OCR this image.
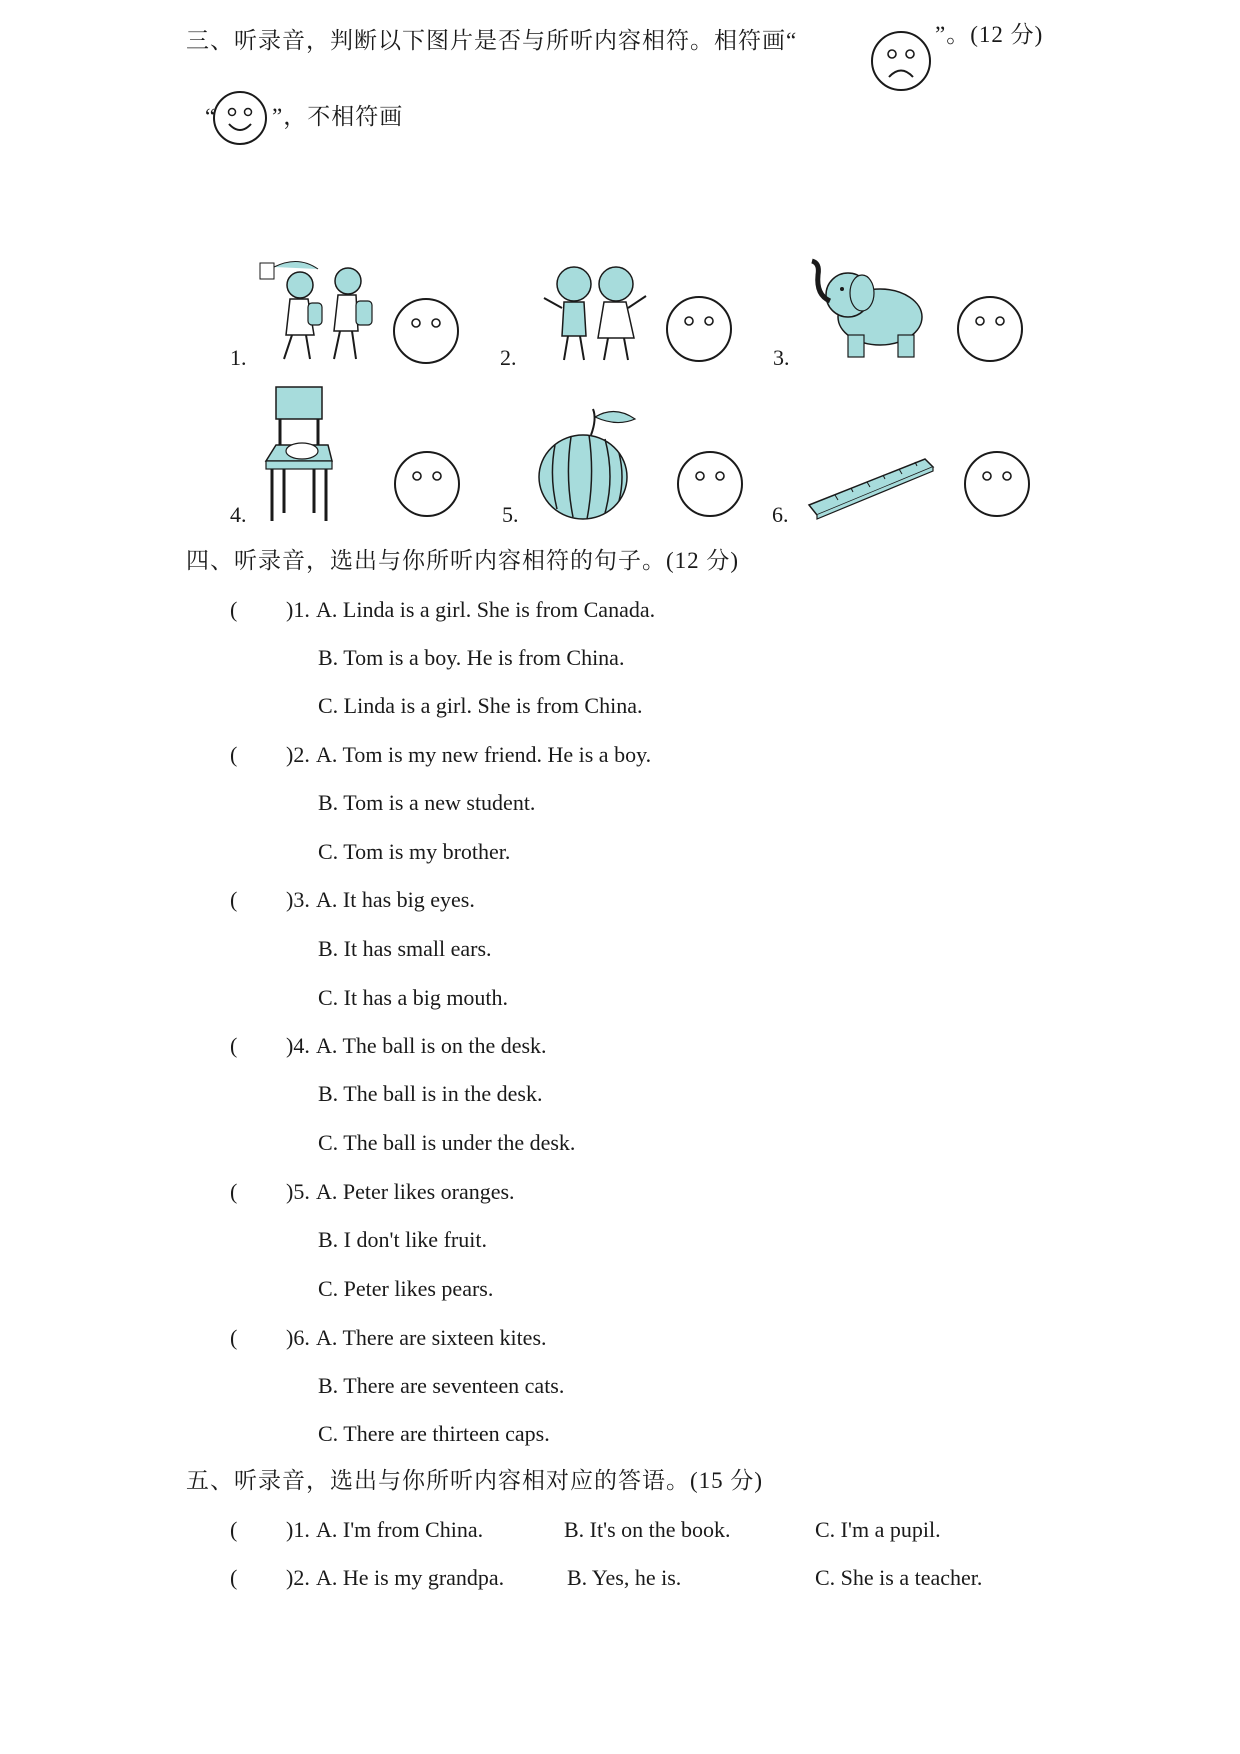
三、听录音，判断以下图片是否与所听内容相符。相符画“	”。(12 分)
“ ”，不相符画
1.	2.	3.
4.	5.	6.
四、听录音，选出与你所听内容相符的句子。(12 分)
( )1. A. Linda is a girl. She is from Canada.
B. Tom is a boy. He is from China.
C. Linda is a girl. She is from China.
( )2. A. Tom is my new friend. He is a boy.
B. Tom is a new student.
C. Tom is my brother.
( )3. A. It has big eyes.
B. It has small ears.
C. It has a big mouth.
( )4. A. The ball is on the desk.
B. The ball is in the desk.
C. The ball is under the desk.
( )5. A. Peter likes oranges.
B. I don't like fruit.
C. Peter likes pears.
( )6. A. There are sixteen kites.
B. There are seventeen cats.
C. There are thirteen caps.
五、听录音，选出与你所听内容相对应的答语。(15 分)
( )1. A. I'm from China.	B. It's on the book.	C. I'm a pupil.
( )2. A. He is my grandpa.	B. Yes, he is.	C. She is a teacher.
